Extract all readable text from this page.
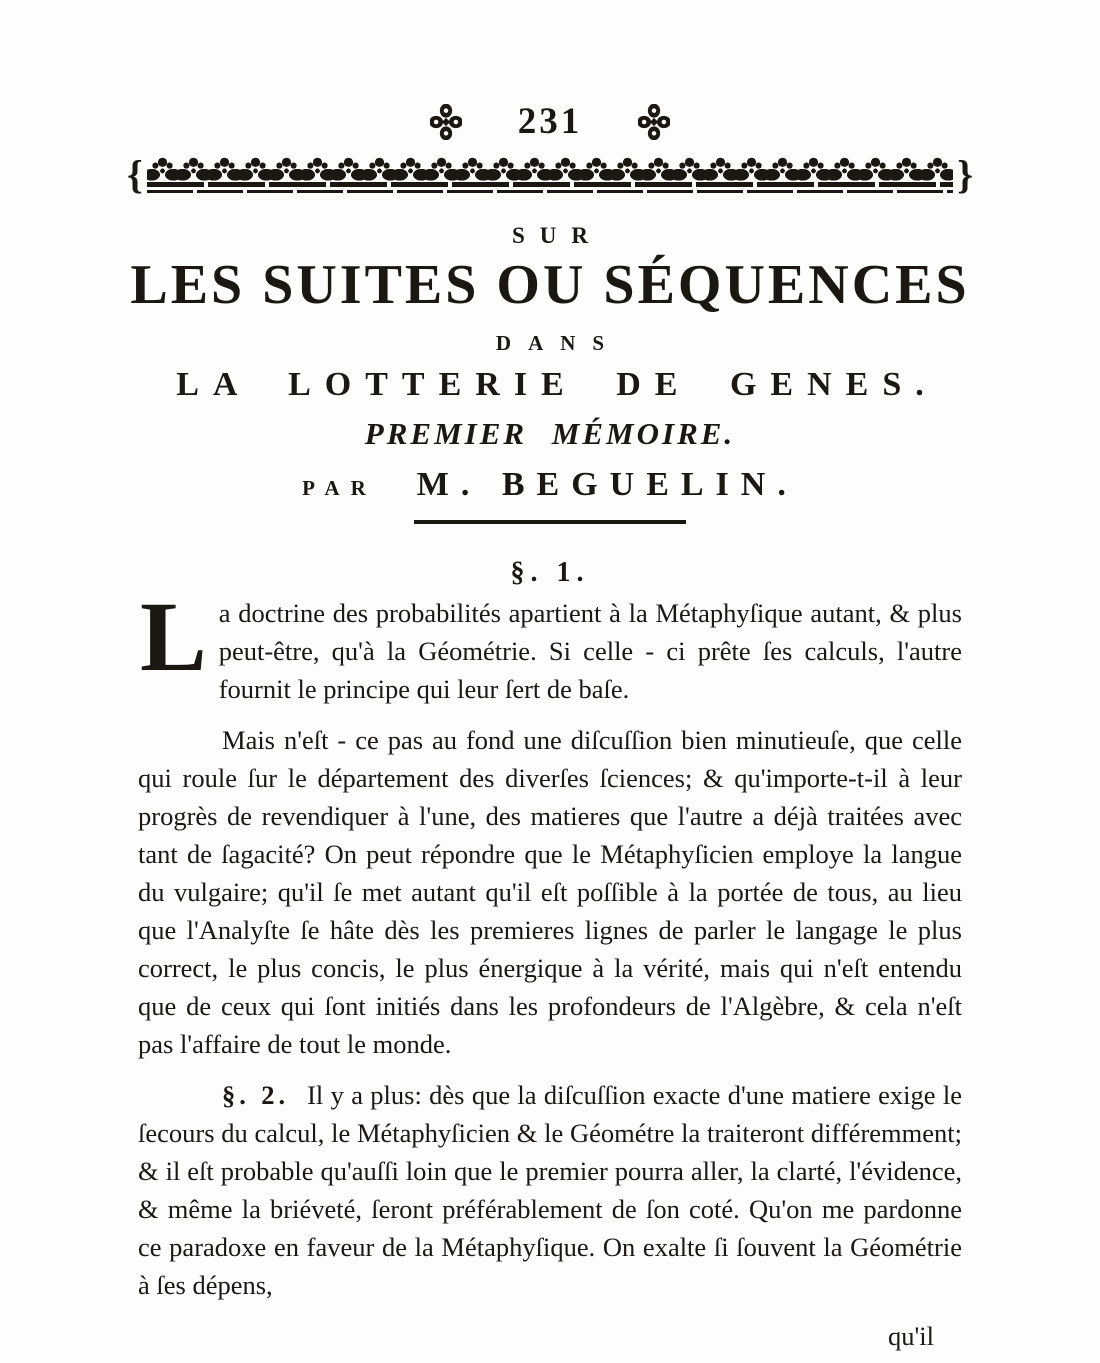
231
{	}
SUR
LES SUITES OU SÉQUENCES
DANS
LA LOTTERIE DE GENES.
PREMIER MÉMOIRE.
PAR M. BEGUELIN.
§. 1.

La doctrine des probabilités apartient à la Métaphyſique autant, & plus peut-être, qu'à la Géométrie. Si celle - ci prête ſes calculs, l'autre fournit le principe qui leur ſert de baſe.

Mais n'eſt - ce pas au fond une diſcuſſion bien minutieuſe, que celle qui roule ſur le département des diverſes ſciences; & qu'importe-t-il à leur progrès de revendiquer à l'une, des matieres que l'autre a déjà traitées avec tant de ſagacité? On peut répondre que le Métaphyſicien employe la langue du vulgaire; qu'il ſe met autant qu'il eſt poſſible à la portée de tous, au lieu que l'Analyſte ſe hâte dès les premieres lignes de parler le langage le plus correct, le plus concis, le plus énergique à la vérité, mais qui n'eſt entendu que de ceux qui ſont initiés dans les profondeurs de l'Algèbre, & cela n'eſt pas l'affaire de tout le monde.

§. 2. Il y a plus: dès que la diſcuſſion exacte d'une matiere exige le ſecours du calcul, le Métaphyſicien & le Géométre la traiteront différemment; & il eſt probable qu'auſſi loin que le premier pourra aller, la clarté, l'évidence, & même la briéveté, ſeront préférablement de ſon coté. Qu'on me pardonne ce paradoxe en faveur de la Métaphyſique. On exalte ſi ſouvent la Géométrie à ſes dépens,

qu'il
